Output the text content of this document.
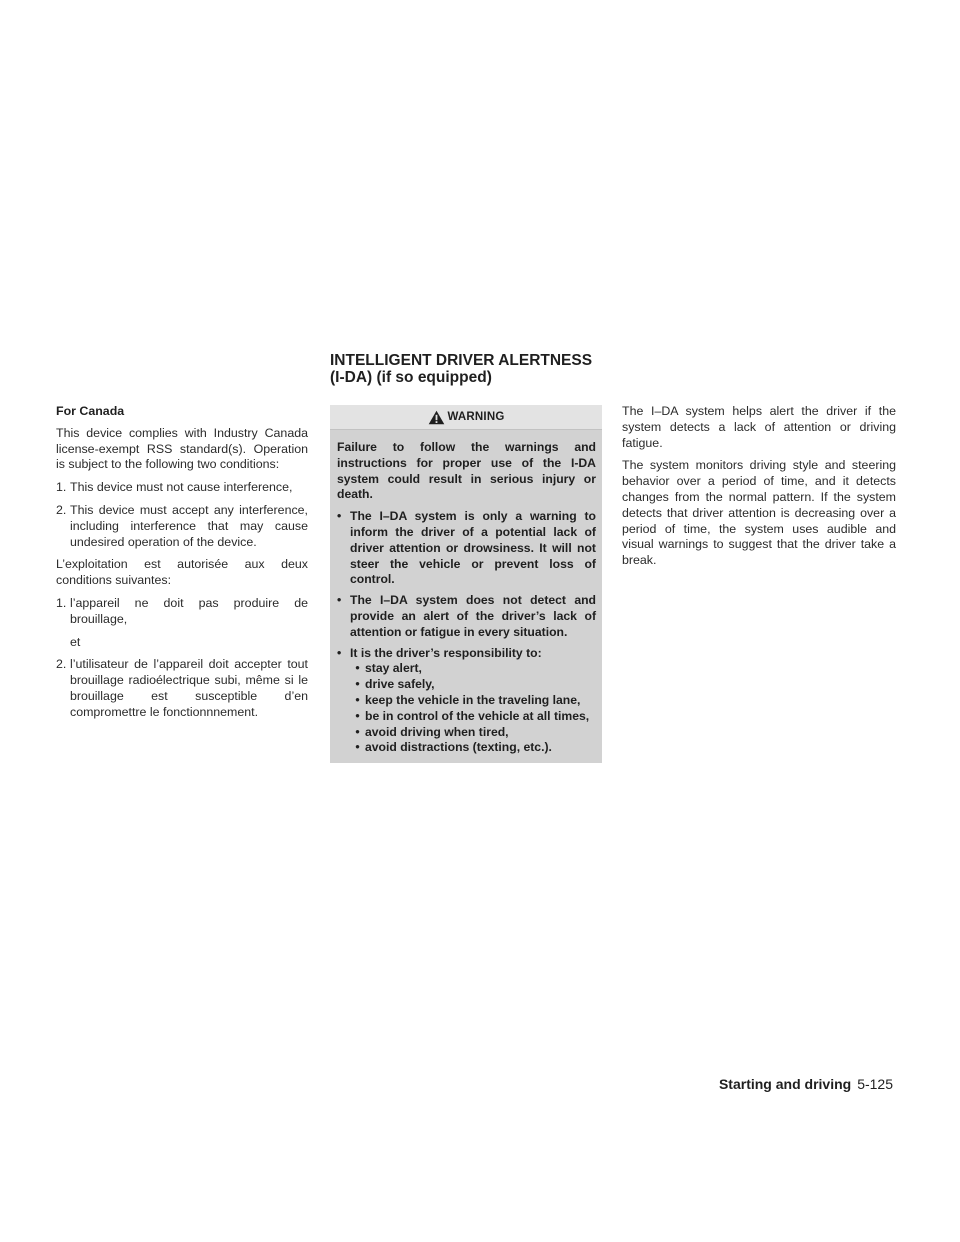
INTELLIGENT DRIVER ALERTNESS
(I-DA) (if so equipped)

For Canada

This device complies with Industry Canada license-exempt RSS standard(s). Operation is subject to the following two conditions:

1. This device must not cause interference,
2. This device must accept any interference, including interference that may cause undesired operation of the device.

L’exploitation est autorisée aux deux conditions suivantes:

1. l’appareil ne doit pas produire de brouillage,
et
2. l’utilisateur de l’appareil doit accepter tout brouillage radioélectrique subi, même si le brouillage est susceptible d’en compromettre le fonctionnnement.
WARNING

Failure to follow the warnings and instructions for proper use of the I-DA system could result in serious injury or death.

• The I–DA system is only a warning to inform the driver of a potential lack of driver attention or drowsiness. It will not steer the vehicle or prevent loss of control.
• The I–DA system does not detect and provide an alert of the driver’s lack of attention or fatigue in every situation.
• It is the driver’s responsibility to:
• stay alert,
• drive safely,
• keep the vehicle in the traveling lane,
• be in control of the vehicle at all times,
• avoid driving when tired,
• avoid distractions (texting, etc.).

The I–DA system helps alert the driver if the system detects a lack of attention or driving fatigue.

The system monitors driving style and steering behavior over a period of time, and it detects changes from the normal pattern. If the system detects that driver attention is decreasing over a period of time, the system uses audible and visual warnings to suggest that the driver take a break.

Starting and driving 5-125
